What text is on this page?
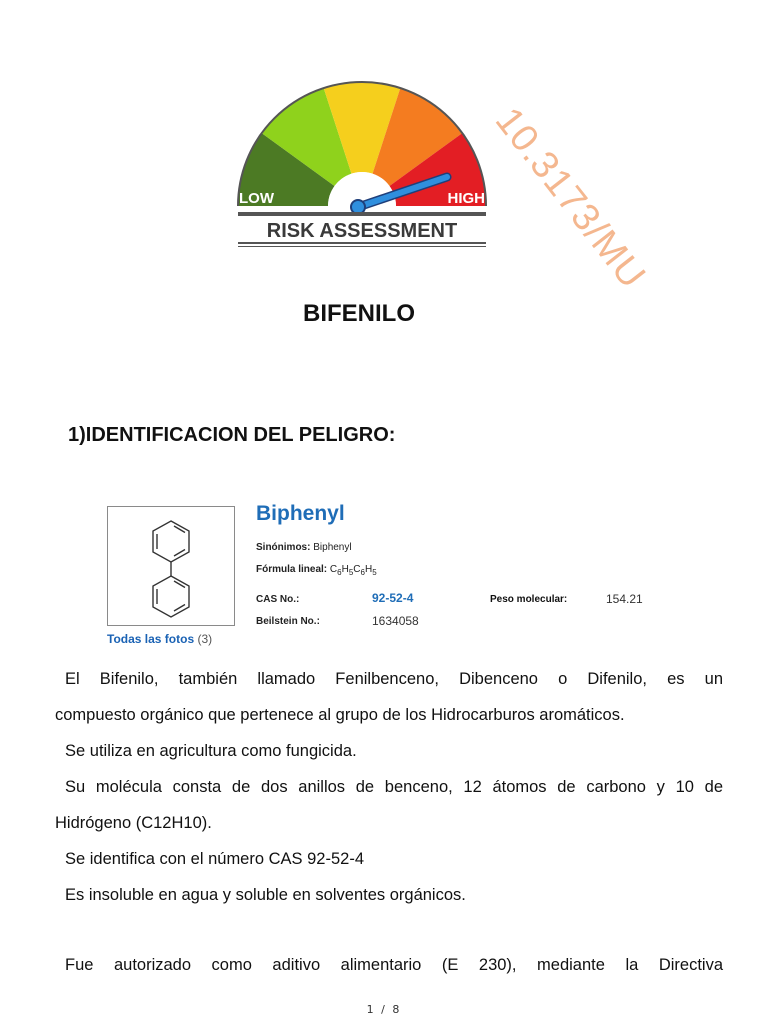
10.3173/MU
LOW	HIGH
RISK ASSESSMENT
BIFENILO
1)IDENTIFICACION DEL PELIGRO:
Todas las fotos (3)
Biphenyl
Sinónimos: Biphenyl
Fórmula lineal: $C_6H_5C_6H_5$
CAS No.:	92-52-4	Peso molecular:	154.21
Beilstein No.:	1634058
El Bifenilo, también llamado Fenilbenceno, Dibenceno o Difenilo, es un
compuesto orgánico que pertenece al grupo de los Hidrocarburos aromáticos.
Se utiliza en agricultura como fungicida.
Su molécula consta de dos anillos de benceno, 12 átomos de carbono y 10 de
Hidrógeno (C12H10).
Se identifica con el número CAS 92-52-4
Es insoluble en agua y soluble en solventes orgánicos.
Fue autorizado como aditivo alimentario (E 230), mediante la Directiva
1 / 8
